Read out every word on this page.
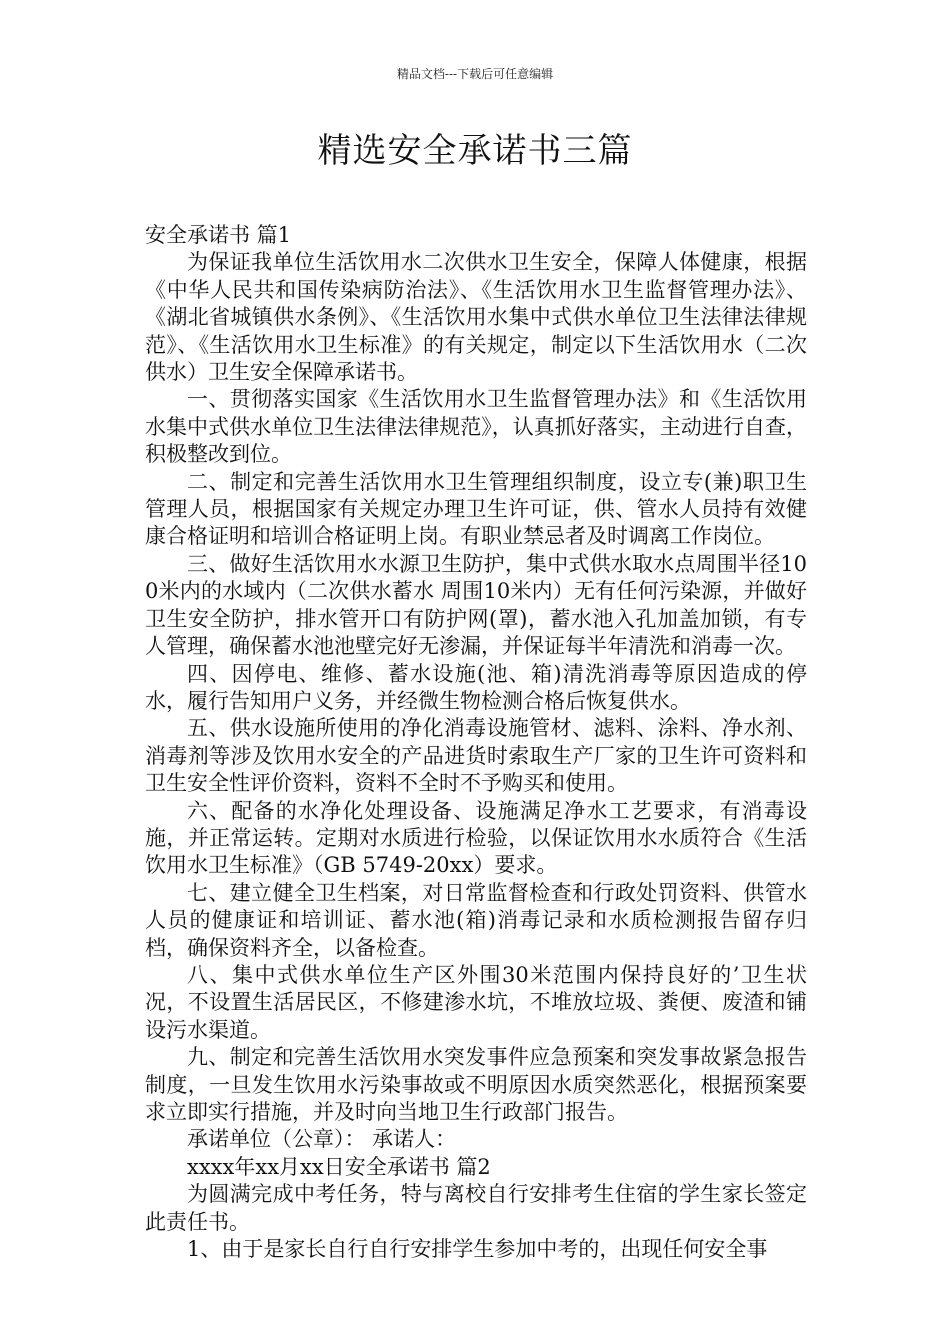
精品文档---下载后可任意编辑
精选安全承诺书三篇

安全承诺书 篇1

为保证我单位生活饮用水二次供水卫生安全，保障人体健康，根据《中华人民共和国传染病防治法》、《生活饮用水卫生监督管理办法》、《湖北省城镇供水条例》、《生活饮用水集中式供水单位卫生法律法律规范》、《生活饮用水卫生标准》的有关规定，制定以下生活饮用水（二次供水）卫生安全保障承诺书。

一、贯彻落实国家《生活饮用水卫生监督管理办法》和《生活饮用水集中式供水单位卫生法律法律规范》，认真抓好落实，主动进行自查，积极整改到位。

二、制定和完善生活饮用水卫生管理组织制度，设立专(兼)职卫生管理人员，根据国家有关规定办理卫生许可证，供、管水人员持有效健康合格证明和培训合格证明上岗。有职业禁忌者及时调离工作岗位。

三、做好生活饮用水水源卫生防护，集中式供水取水点周围半径100米内的水域内（二次供水蓄水 周围10米内）无有任何污染源，并做好卫生安全防护，排水管开口有防护网(罩)，蓄水池入孔加盖加锁，有专人管理，确保蓄水池池壁完好无渗漏，并保证每半年清洗和消毒一次。

四、因停电、维修、蓄水设施(池、箱)清洗消毒等原因造成的停水，履行告知用户义务，并经微生物检测合格后恢复供水。

五、供水设施所使用的净化消毒设施管材、滤料、涂料、净水剂、消毒剂等涉及饮用水安全的产品进货时索取生产厂家的卫生许可资料和卫生安全性评价资料，资料不全时不予购买和使用。

六、配备的水净化处理设备、设施满足净水工艺要求，有消毒设施，并正常运转。定期对水质进行检验，以保证饮用水水质符合《生活饮用水卫生标准》（GB 5749-20xx）要求。

七、建立健全卫生档案，对日常监督检查和行政处罚资料、供管水人员的健康证和培训证、蓄水池(箱)消毒记录和水质检测报告留存归档，确保资料齐全，以备检查。

八、集中式供水单位生产区外围30米范围内保持良好的’卫生状况，不设置生活居民区，不修建渗水坑，不堆放垃圾、粪便、废渣和铺设污水渠道。

九、制定和完善生活饮用水突发事件应急预案和突发事故紧急报告制度，一旦发生饮用水污染事故或不明原因水质突然恶化，根据预案要求立即实行措施，并及时向当地卫生行政部门报告。

承诺单位（公章）： 承诺人：

xxxx年xx月xx日安全承诺书 篇2

为圆满完成中考任务，特与离校自行安排考生住宿的学生家长签定此责任书。

1、由于是家长自行自行安排学生参加中考的，出现任何安全事
